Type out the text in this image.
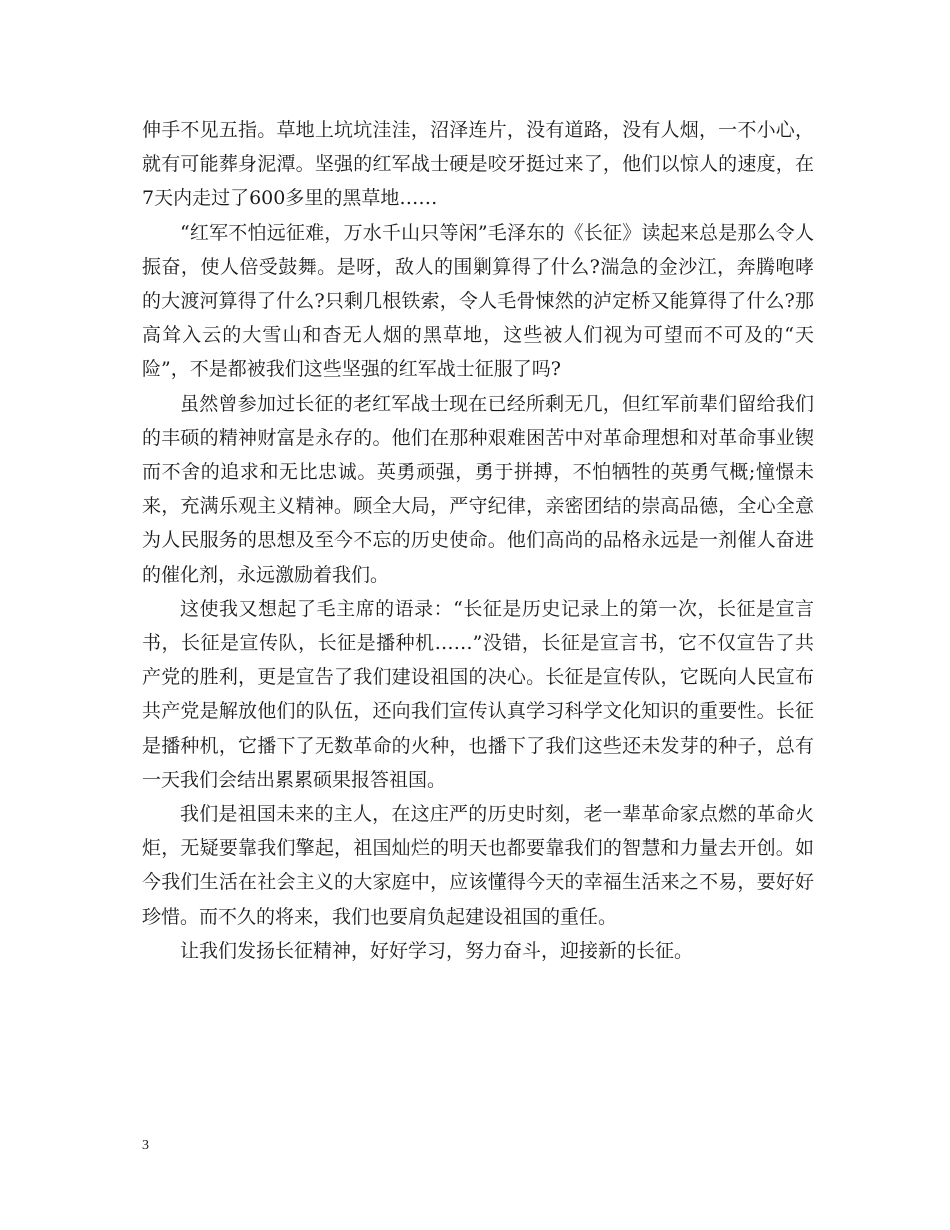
伸手不见五指。草地上坑坑洼洼，沼泽连片，没有道路，没有人烟，一不小心，就有可能葬身泥潭。坚强的红军战士硬是咬牙挺过来了，他们以惊人的速度，在7天内走过了600多里的黑草地……

“红军不怕远征难，万水千山只等闲”毛泽东的《长征》读起来总是那么令人振奋，使人倍受鼓舞。是呀，敌人的围剿算得了什么?湍急的金沙江，奔腾咆哮的大渡河算得了什么?只剩几根铁索，令人毛骨悚然的泸定桥又能算得了什么?那高耸入云的大雪山和杳无人烟的黑草地，这些被人们视为可望而不可及的“天险”，不是都被我们这些坚强的红军战士征服了吗?

虽然曾参加过长征的老红军战士现在已经所剩无几，但红军前辈们留给我们的丰硕的精神财富是永存的。他们在那种艰难困苦中对革命理想和对革命事业锲而不舍的追求和无比忠诚。英勇顽强，勇于拼搏，不怕牺牲的英勇气概;憧憬未来，充满乐观主义精神。顾全大局，严守纪律，亲密团结的崇高品德，全心全意为人民服务的思想及至今不忘的历史使命。他们高尚的品格永远是一剂催人奋进的催化剂，永远激励着我们。

这使我又想起了毛主席的语录：“长征是历史记录上的第一次，长征是宣言书，长征是宣传队，长征是播种机……”没错，长征是宣言书，它不仅宣告了共产党的胜利，更是宣告了我们建设祖国的决心。长征是宣传队，它既向人民宣布共产党是解放他们的队伍，还向我们宣传认真学习科学文化知识的重要性。长征是播种机，它播下了无数革命的火种，也播下了我们这些还未发芽的种子，总有一天我们会结出累累硕果报答祖国。

我们是祖国未来的主人，在这庄严的历史时刻，老一辈革命家点燃的革命火炬，无疑要靠我们擎起，祖国灿烂的明天也都要靠我们的智慧和力量去开创。如今我们生活在社会主义的大家庭中，应该懂得今天的幸福生活来之不易，要好好珍惜。而不久的将来，我们也要肩负起建设祖国的重任。

让我们发扬长征精神，好好学习，努力奋斗，迎接新的长征。

3
